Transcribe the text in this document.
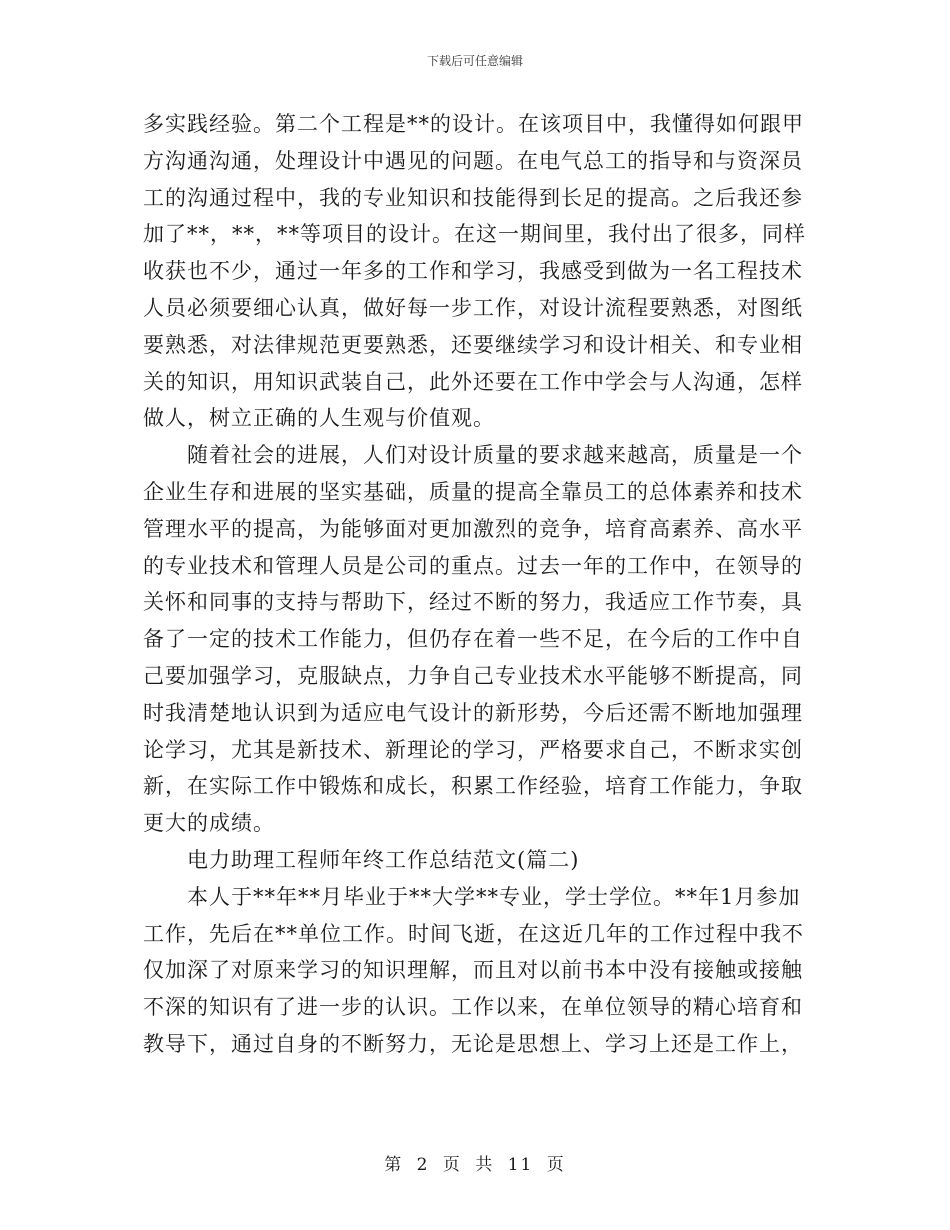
下载后可任意编辑
多实践经验。第二个工程是**的设计。在该项目中，我懂得如何跟甲
方沟通沟通，处理设计中遇见的问题。在电气总工的指导和与资深员
工的沟通过程中，我的专业知识和技能得到长足的提高。之后我还参
加了**，**，**等项目的设计。在这一期间里，我付出了很多，同样
收获也不少，通过一年多的工作和学习，我感受到做为一名工程技术
人员必须要细心认真，做好每一步工作，对设计流程要熟悉，对图纸
要熟悉，对法律规范更要熟悉，还要继续学习和设计相关、和专业相
关的知识，用知识武装自己，此外还要在工作中学会与人沟通，怎样
做人，树立正确的人生观与价值观。
随着社会的进展，人们对设计质量的要求越来越高，质量是一个
企业生存和进展的坚实基础，质量的提高全靠员工的总体素养和技术
管理水平的提高，为能够面对更加激烈的竞争，培育高素养、高水平
的专业技术和管理人员是公司的重点。过去一年的工作中，在领导的
关怀和同事的支持与帮助下，经过不断的努力，我适应工作节奏，具
备了一定的技术工作能力，但仍存在着一些不足，在今后的工作中自
己要加强学习，克服缺点，力争自己专业技术水平能够不断提高，同
时我清楚地认识到为适应电气设计的新形势，今后还需不断地加强理
论学习，尤其是新技术、新理论的学习，严格要求自己，不断求实创
新，在实际工作中锻炼和成长，积累工作经验，培育工作能力，争取
更大的成绩。
电力助理工程师年终工作总结范文(篇二)
本人于**年**月毕业于**大学**专业，学士学位。**年1月参加
工作，先后在**单位工作。时间飞逝，在这近几年的工作过程中我不
仅加深了对原来学习的知识理解，而且对以前书本中没有接触或接触
不深的知识有了进一步的认识。工作以来，在单位领导的精心培育和
教导下，通过自身的不断努力，无论是思想上、学习上还是工作上，
第 2 页 共 11 页
